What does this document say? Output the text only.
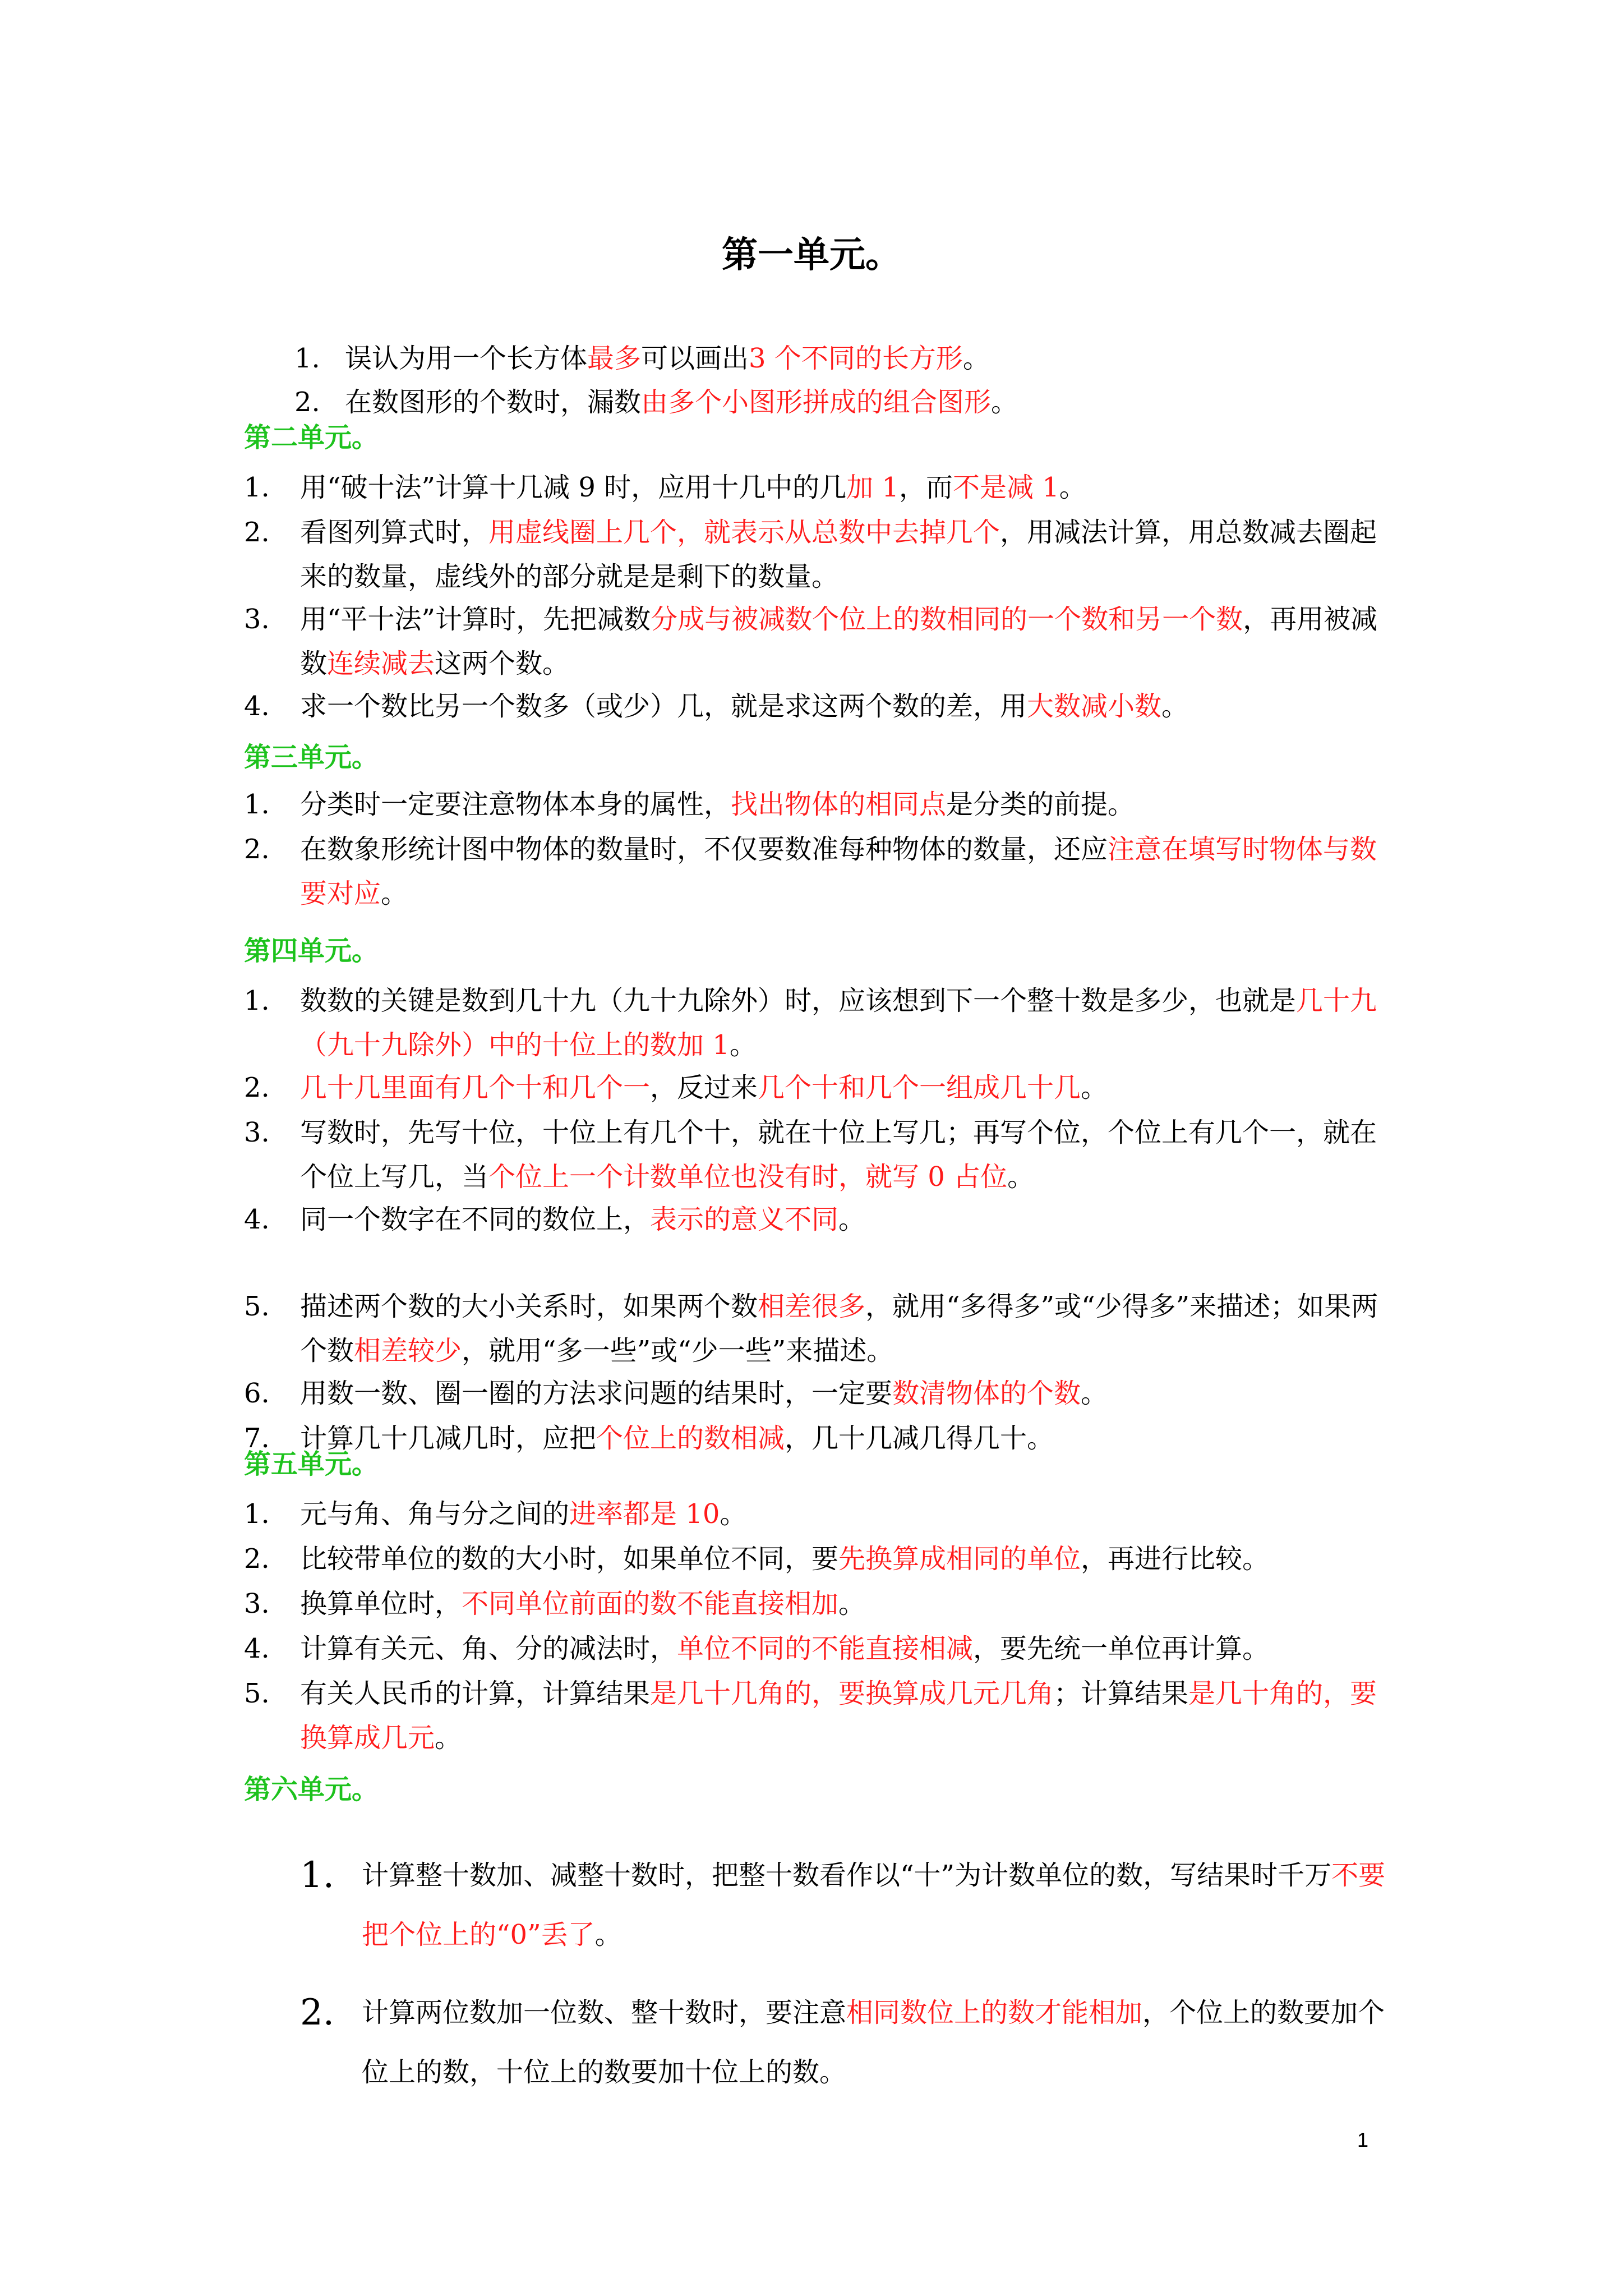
第一单元。
1. 误认为用一个长方体最多可以画出3 个不同的长方形。
2. 在数图形的个数时，漏数由多个小图形拼成的组合图形。
第二单元。
1.	用“破十法”计算十几减 9 时，应用十几中的几加 1，而不是减 1。
2.	看图列算式时，用虚线圈上几个，就表示从总数中去掉几个，用减法计算，用总数减去圈起来的数量，虚线外的部分就是是剩下的数量。
3.	用“平十法”计算时，先把减数分成与被减数个位上的数相同的一个数和另一个数，再用被减数连续减去这两个数。
4.	求一个数比另一个数多（或少）几，就是求这两个数的差，用大数减小数。
第三单元。
1.	分类时一定要注意物体本身的属性，找出物体的相同点是分类的前提。
2.	在数象形统计图中物体的数量时，不仅要数准每种物体的数量，还应注意在填写时物体与数要对应。
第四单元。
1.	数数的关键是数到几十九（九十九除外）时，应该想到下一个整十数是多少，也就是几十九（九十九除外）中的十位上的数加 1。
2.	几十几里面有几个十和几个一，反过来几个十和几个一组成几十几。
3.	写数时，先写十位，十位上有几个十，就在十位上写几；再写个位，个位上有几个一，就在个位上写几，当个位上一个计数单位也没有时，就写 0 占位。
4.	同一个数字在不同的数位上，表示的意义不同。
5.	描述两个数的大小关系时，如果两个数相差很多，就用“多得多”或“少得多”来描述；如果两个数相差较少，就用“多一些”或“少一些”来描述。
6.	用数一数、圈一圈的方法求问题的结果时，一定要数清物体的个数。
7.	计算几十几减几时，应把个位上的数相减，几十几减几得几十。
第五单元。
1.	元与角、角与分之间的进率都是 10。
2.	比较带单位的数的大小时，如果单位不同，要先换算成相同的单位，再进行比较。
3.	换算单位时，不同单位前面的数不能直接相加。
4.	计算有关元、角、分的减法时，单位不同的不能直接相减，要先统一单位再计算。
5.	有关人民币的计算，计算结果是几十几角的，要换算成几元几角；计算结果是几十角的，要换算成几元。
第六单元。
1.	计算整十数加、减整十数时，把整十数看作以“十”为计数单位的数，写结果时千万不要把个位上的“0”丢了。
2.	计算两位数加一位数、整十数时，要注意相同数位上的数才能相加，个位上的数要加个位上的数，十位上的数要加十位上的数。
1
